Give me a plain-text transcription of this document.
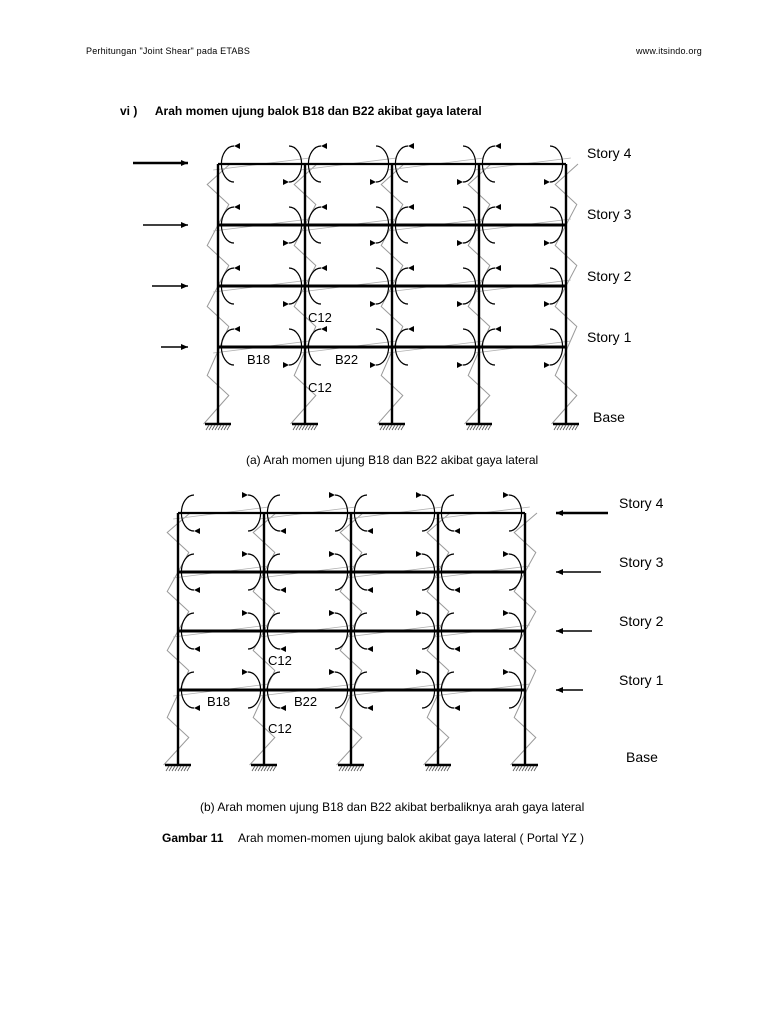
Perhitungan "Joint Shear" pada ETABS	www.itsindo.org
vi ) Arah momen ujung balok B18 dan B22 akibat gaya lateral
Story 4
Story 3
Story 2
Story 1
Base
C12
C12
B18	B22
(a) Arah momen ujung B18 dan B22 akibat gaya lateral
Story 4
Story 3
Story 2
Story 1
Base
C12
C12
B18	B22
(b) Arah momen ujung B18 dan B22 akibat berbaliknya arah gaya lateral
Gambar 11 Arah momen-momen ujung balok akibat gaya lateral ( Portal YZ )
